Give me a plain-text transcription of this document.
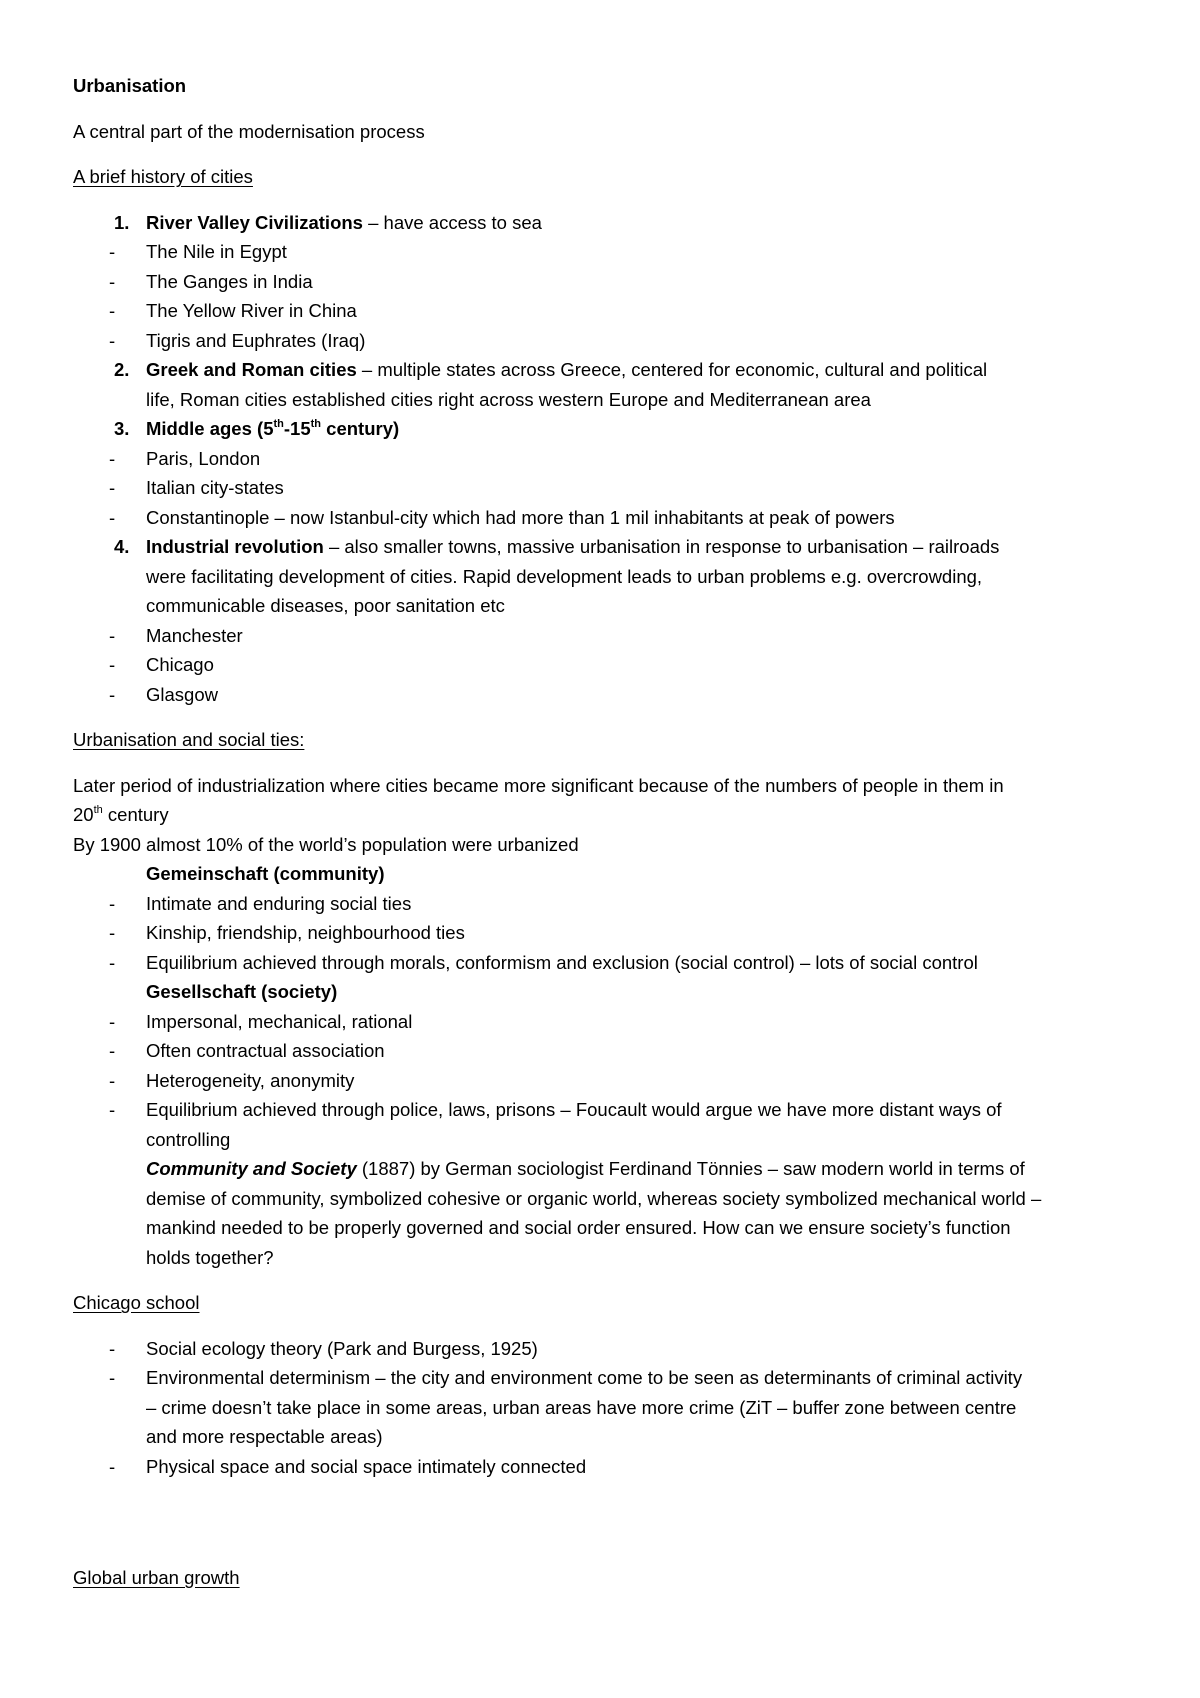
Urbanisation

A central part of the modernisation process

A brief history of cities

1. River Valley Civilizations – have access to sea

- The Nile in Egypt

- The Ganges in India

- The Yellow River in China

- Tigris and Euphrates (Iraq)

2. Greek and Roman cities – multiple states across Greece, centered for economic, cultural and political

life, Roman cities established cities right across western Europe and Mediterranean area

3. Middle ages (5th-15th century)

- Paris, London

- Italian city-states

- Constantinople – now Istanbul-city which had more than 1 mil inhabitants at peak of powers

4. Industrial revolution – also smaller towns, massive urbanisation in response to urbanisation – railroads

were facilitating development of cities. Rapid development leads to urban problems e.g. overcrowding,

communicable diseases, poor sanitation etc

- Manchester

- Chicago

- Glasgow

Urbanisation and social ties:

Later period of industrialization where cities became more significant because of the numbers of people in them in

20th century

By 1900 almost 10% of the world’s population were urbanized

Gemeinschaft (community)

- Intimate and enduring social ties

- Kinship, friendship, neighbourhood ties

- Equilibrium achieved through morals, conformism and exclusion (social control) – lots of social control

Gesellschaft (society)

- Impersonal, mechanical, rational

- Often contractual association

- Heterogeneity, anonymity

- Equilibrium achieved through police, laws, prisons – Foucault would argue we have more distant ways of

controlling

Community and Society (1887) by German sociologist Ferdinand Tönnies – saw modern world in terms of

demise of community, symbolized cohesive or organic world, whereas society symbolized mechanical world –

mankind needed to be properly governed and social order ensured. How can we ensure society’s function

holds together?

Chicago school

- Social ecology theory (Park and Burgess, 1925)

- Environmental determinism – the city and environment come to be seen as determinants of criminal activity

– crime doesn’t take place in some areas, urban areas have more crime (ZiT – buffer zone between centre

and more respectable areas)

- Physical space and social space intimately connected

Global urban growth
